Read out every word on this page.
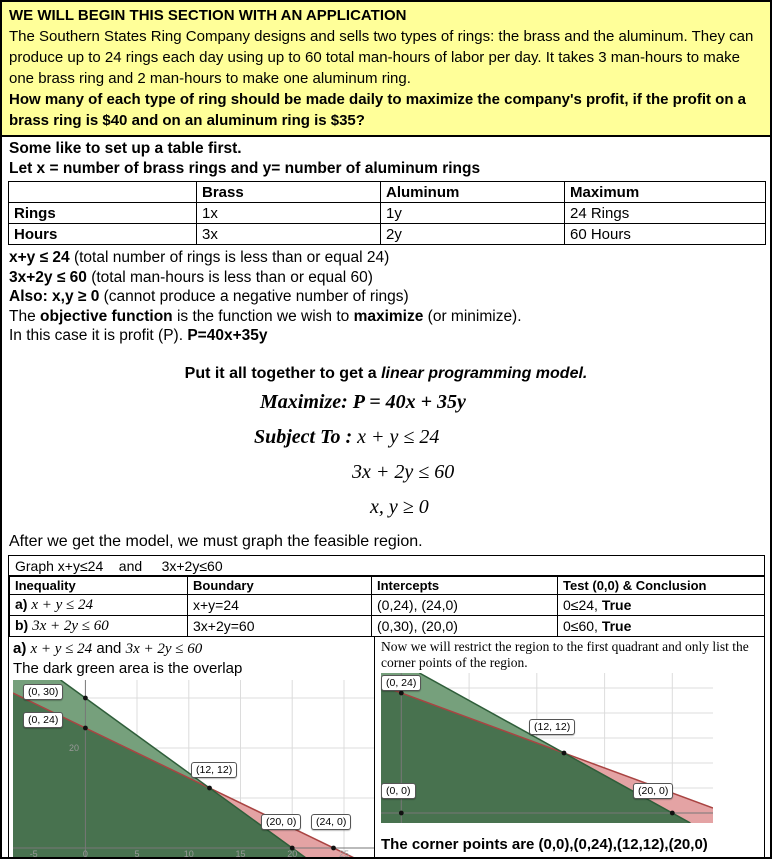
WE WILL BEGIN THIS SECTION WITH AN APPLICATION

The Southern States Ring Company designs and sells two types of rings: the brass and the aluminum. They can produce up to 24 rings each day using up to 60 total man-hours of labor per day. It takes 3 man-hours to make one brass ring and 2 man-hours to make one aluminum ring.

How many of each type of ring should be made daily to maximize the company's profit, if the profit on a brass ring is $40 and on an aluminum ring is $35?

Some like to set up a table first.

Let x = number of brass rings and y= number of aluminum rings

	Brass	Aluminum	Maximum
Rings	1x	1y	24 Rings
Hours	3x	2y	60 Hours

x+y ≤ 24 (total number of rings is less than or equal 24)

3x+2y ≤ 60 (total man-hours is less than or equal 60)

Also: x,y ≥ 0 (cannot produce a negative number of rings)

The objective function is the function we wish to maximize (or minimize).

In this case it is profit (P). P=40x+35y

Put it all together to get a linear programming model.

Maximize: P = 40x + 35y

Subject To : x + y ≤ 24

3x + 2y ≤ 60

x, y ≥ 0

After we get the model, we must graph the feasible region.

Graph x+y≤24    and     3x+2y≤60
Inequality	Boundary	Intercepts	Test (0,0) & Conclusion
a) x + y ≤ 24	x+y=24	(0,24), (24,0)	0≤24, True
b) 3x + 2y ≤ 60	3x+2y=60	(0,30), (20,0)	0≤60, True

a) x + y ≤ 24 and 3x + 2y ≤ 60

The dark green area is the overlap

-5	0	5	10	15	20	25
20
(0, 30)
(0, 24)
(12, 12)
(20, 0)	(24, 0)

Now we will restrict the region to the first quadrant and only list the corner points of the region.

(0, 24)
(12, 12)
(0, 0)	(20, 0)

The corner points are (0,0),(0,24),(12,12),(20,0)
